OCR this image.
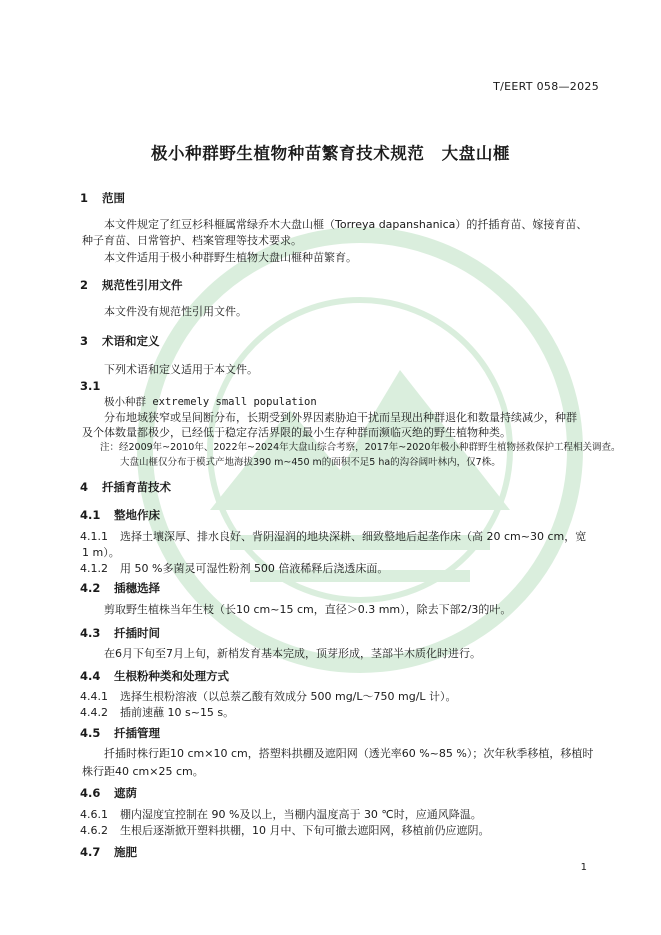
T/EERT 058—2025
极小种群野生植物种苗繁育技术规范　大盘山榧
1 范围
本文件规定了红豆杉科榧属常绿乔木大盘山榧（Torreya dapanshanica）的扦插育苗、嫁接育苗、
种子育苗、日常管护、档案管理等技术要求。
本文件适用于极小种群野生植物大盘山榧种苗繁育。
2 规范性引用文件
本文件没有规范性引用文件。
3 术语和定义
下列术语和定义适用于本文件。
3.1
极小种群 extremely small population
分布地域狭窄或呈间断分布，长期受到外界因素胁迫干扰而呈现出种群退化和数量持续减少，种群
及个体数量都极少，已经低于稳定存活界限的最小生存种群而濒临灭绝的野生植物种类。
注：经2009年~2010年、2022年~2024年大盘山综合考察，2017年~2020年极小种群野生植物拯救保护工程相关调查。
大盘山榧仅分布于模式产地海拔390 m~450 m的面积不足5 ha的沟谷阔叶林内，仅7株。
4 扦插育苗技术
4.1 整地作床
4.1.1 选择土壤深厚、排水良好、背阴湿润的地块深耕、细致整地后起垄作床（高 20 cm~30 cm，宽
1 m）。
4.1.2 用 50 %多菌灵可湿性粉剂 500 倍液稀释后浇透床面。
4.2 插穗选择
剪取野生植株当年生枝（长10 cm~15 cm，直径＞0.3 mm），除去下部2/3的叶。
4.3 扦插时间
在6月下旬至7月上旬，新梢发育基本完成，顶芽形成，茎部半木质化时进行。
4.4 生根粉种类和处理方式
4.4.1 选择生根粉溶液（以总萘乙酸有效成分 500 mg/L～750 mg/L 计）。
4.4.2 插前速蘸 10 s~15 s。
4.5 扦插管理
扦插时株行距10 cm×10 cm，搭塑料拱棚及遮阳网（透光率60 %~85 %）；次年秋季移植，移植时
株行距40 cm×25 cm。
4.6 遮荫
4.6.1 棚内湿度宜控制在 90 %及以上，当棚内温度高于 30 ℃时，应通风降温。
4.6.2 生根后逐渐掀开塑料拱棚，10 月中、下旬可撤去遮阳网，移植前仍应遮阴。
4.7 施肥
1
